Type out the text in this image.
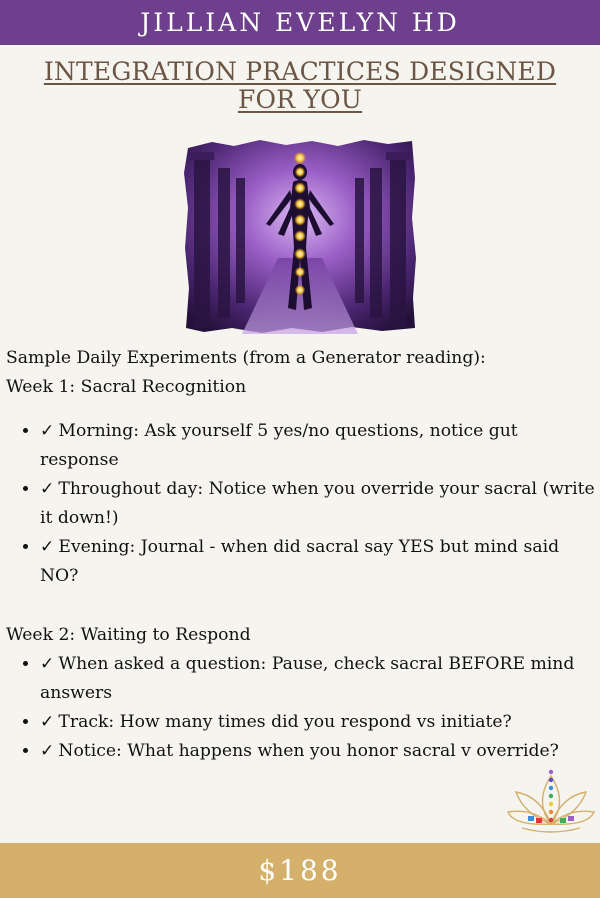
JILLIAN EVELYN HD
INTEGRATION PRACTICES DESIGNED
FOR YOU

Sample Daily Experiments (from a Generator reading):

Week 1: Sacral Recognition

• ✓ Morning: Ask yourself 5 yes/no questions, notice gut response
• ✓ Throughout day: Notice when you override your sacral (write it down!)
• ✓ Evening: Journal - when did sacral say YES but mind said NO?

Week 2: Waiting to Respond

• ✓ When asked a question: Pause, check sacral BEFORE mind answers
• ✓ Track: How many times did you respond vs initiate?
• ✓ Notice: What happens when you honor sacral v override?
$188
